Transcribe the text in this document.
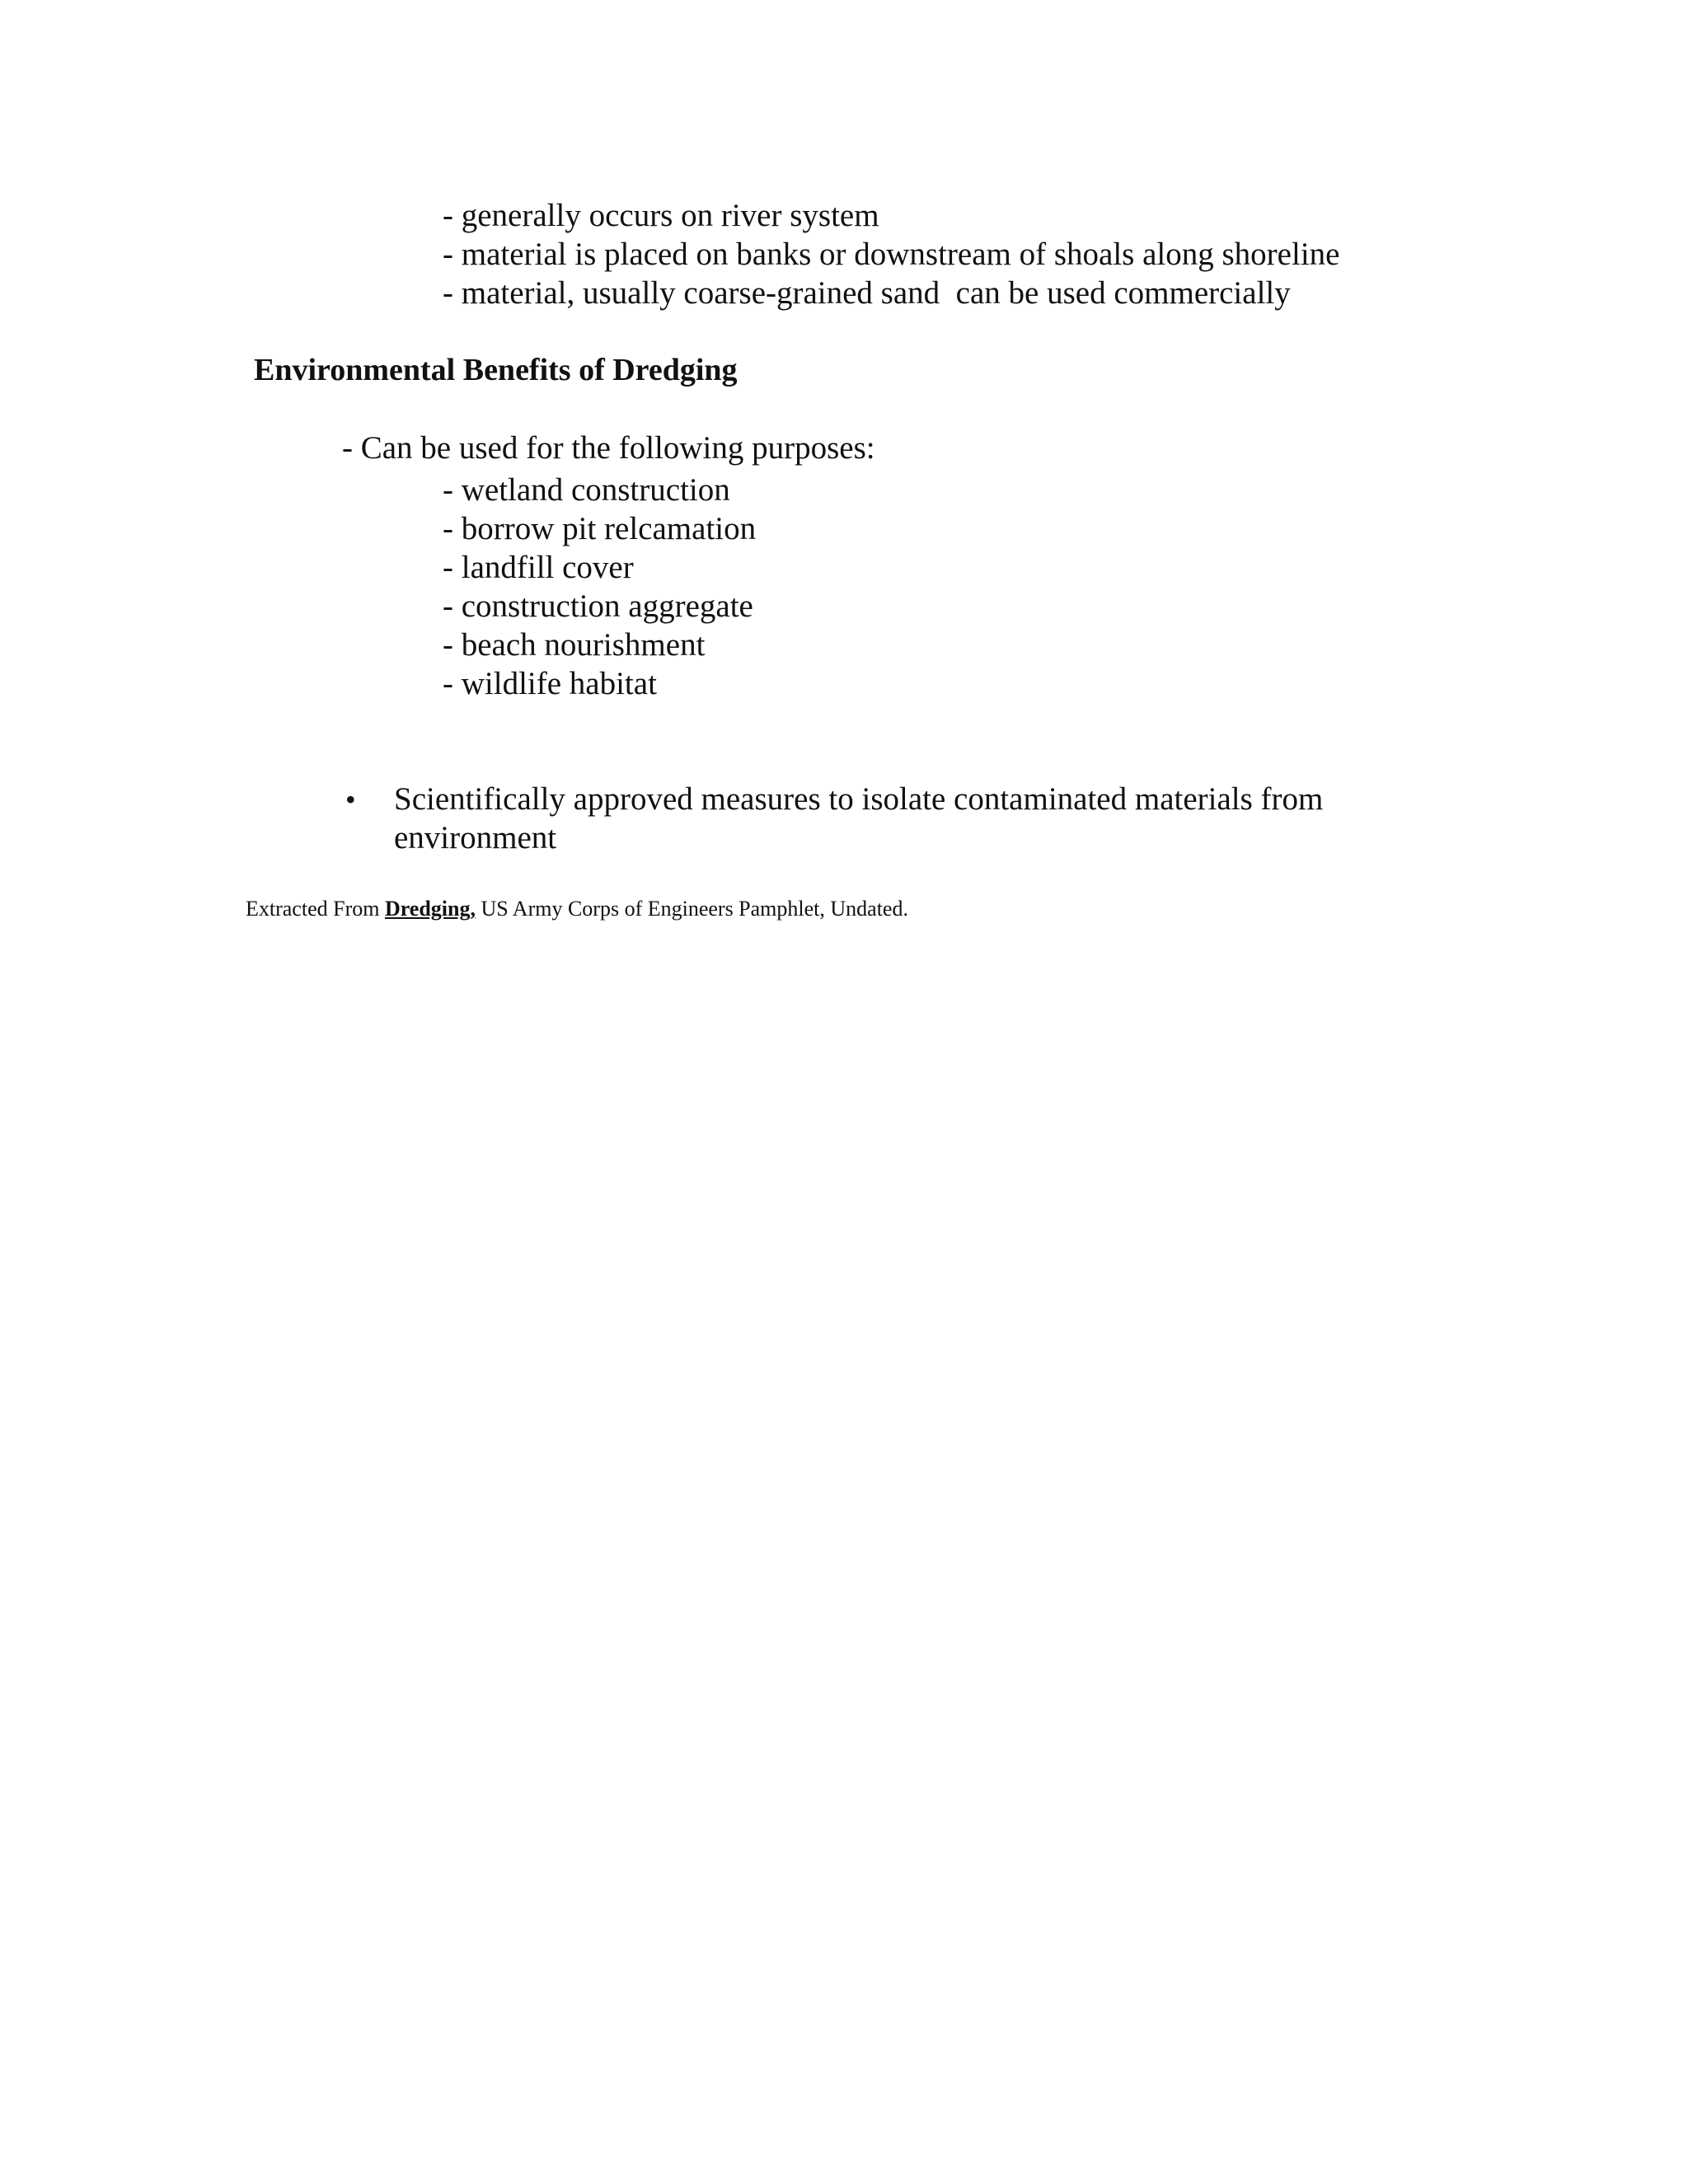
- generally occurs on river system
- material is placed on banks or downstream of shoals along shoreline
- material, usually coarse-grained sand  can be used commercially
Environmental Benefits of Dredging
- Can be used for the following purposes:
- wetland construction
- borrow pit relcamation
- landfill cover
- construction aggregate
- beach nourishment
- wildlife habitat
• Scientifically approved measures to isolate contaminated materials from environment
Extracted From Dredging, US Army Corps of Engineers Pamphlet, Undated.
